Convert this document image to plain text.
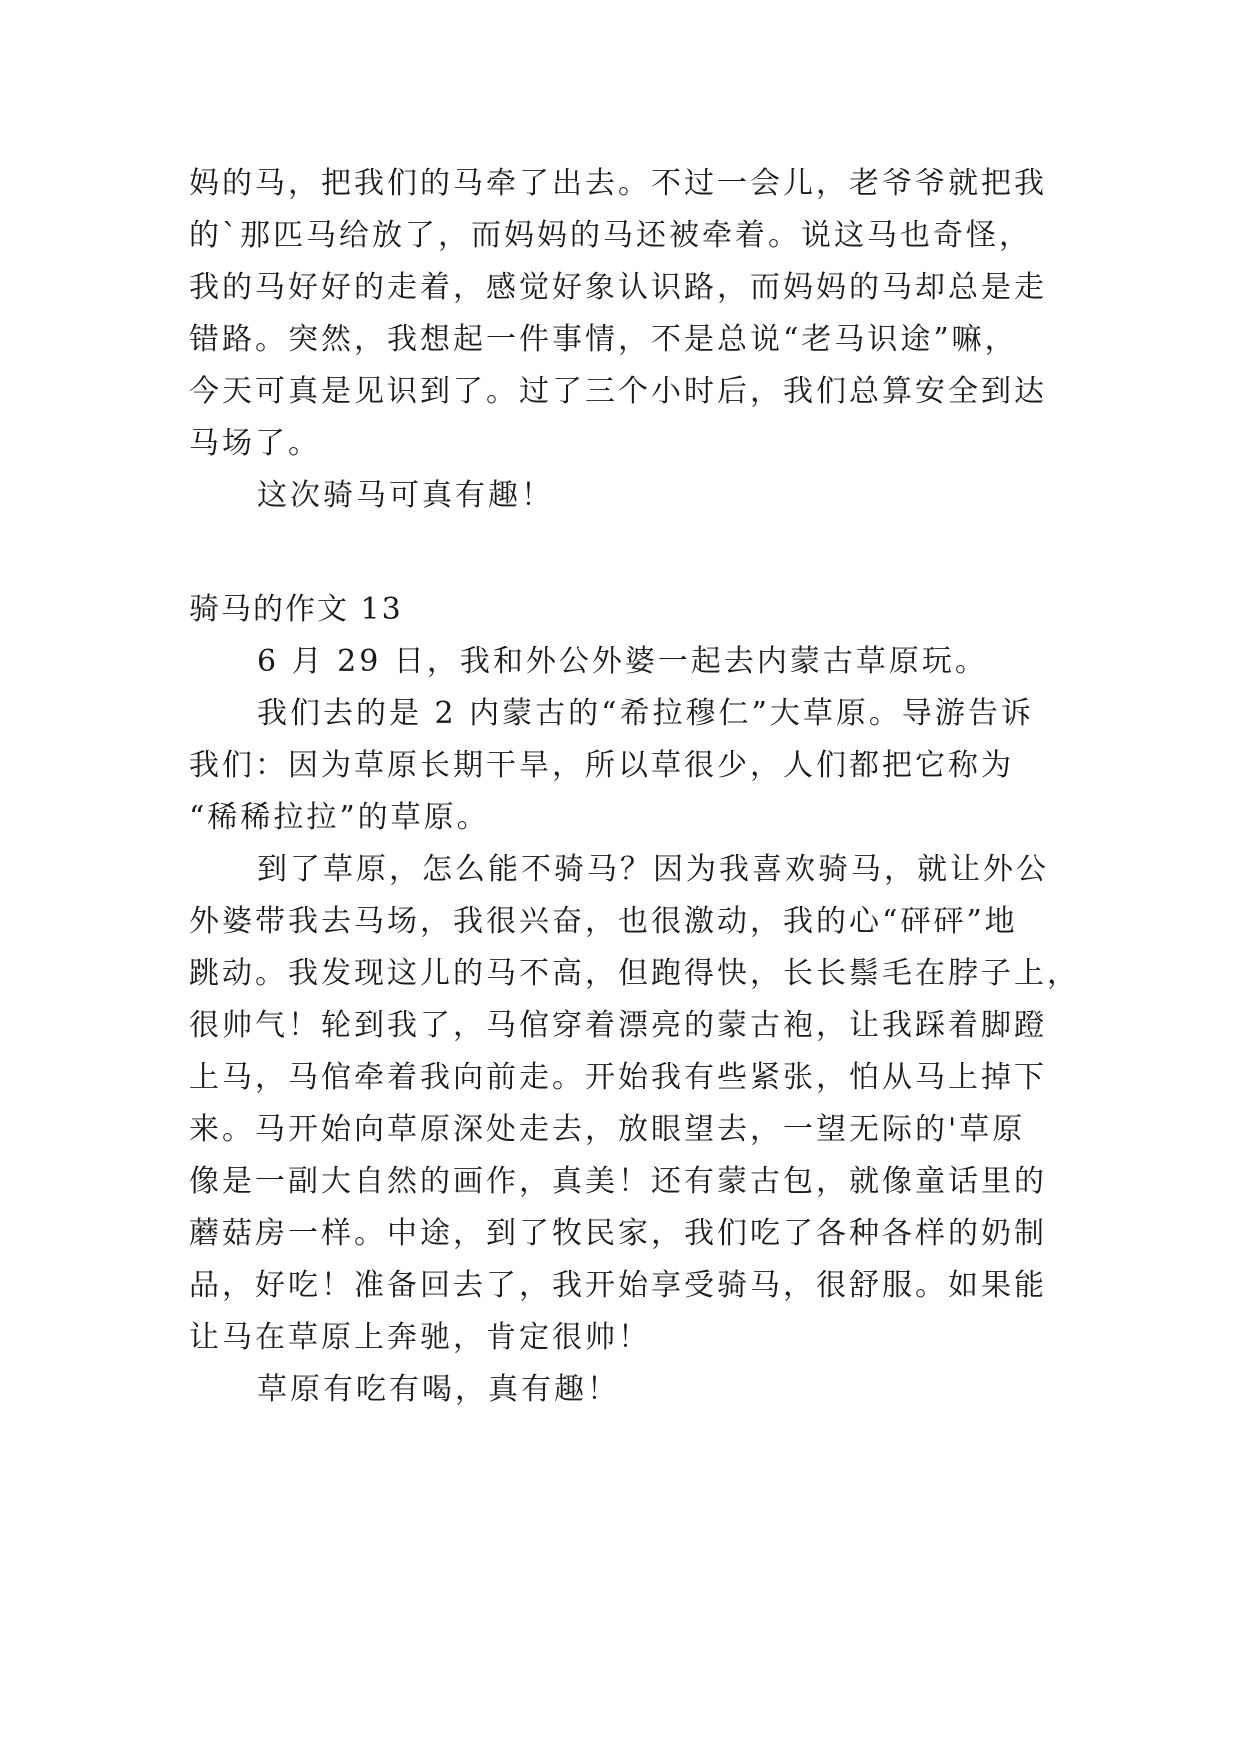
妈的马，把我们的马牵了出去。不过一会儿，老爷爷就把我
的`那匹马给放了，而妈妈的马还被牵着。说这马也奇怪，
我的马好好的走着，感觉好象认识路，而妈妈的马却总是走
错路。突然，我想起一件事情，不是总说“老马识途”嘛，
今天可真是见识到了。过了三个小时后，我们总算安全到达
马场了。
这次骑马可真有趣！
骑马的作文 13
6 月 29 日，我和外公外婆一起去内蒙古草原玩。
我们去的是 2 内蒙古的“希拉穆仁”大草原。导游告诉
我们：因为草原长期干旱，所以草很少，人们都把它称为
“稀稀拉拉”的草原。
到了草原，怎么能不骑马？因为我喜欢骑马，就让外公
外婆带我去马场，我很兴奋，也很激动，我的心“砰砰”地
跳动。我发现这儿的马不高，但跑得快，长长鬃毛在脖子上，
很帅气！轮到我了，马倌穿着漂亮的蒙古袍，让我踩着脚蹬
上马，马倌牵着我向前走。开始我有些紧张，怕从马上掉下
来。马开始向草原深处走去，放眼望去，一望无际的'草原
像是一副大自然的画作，真美！还有蒙古包，就像童话里的
蘑菇房一样。中途，到了牧民家，我们吃了各种各样的奶制
品，好吃！准备回去了，我开始享受骑马，很舒服。如果能
让马在草原上奔驰，肯定很帅！
草原有吃有喝，真有趣！
